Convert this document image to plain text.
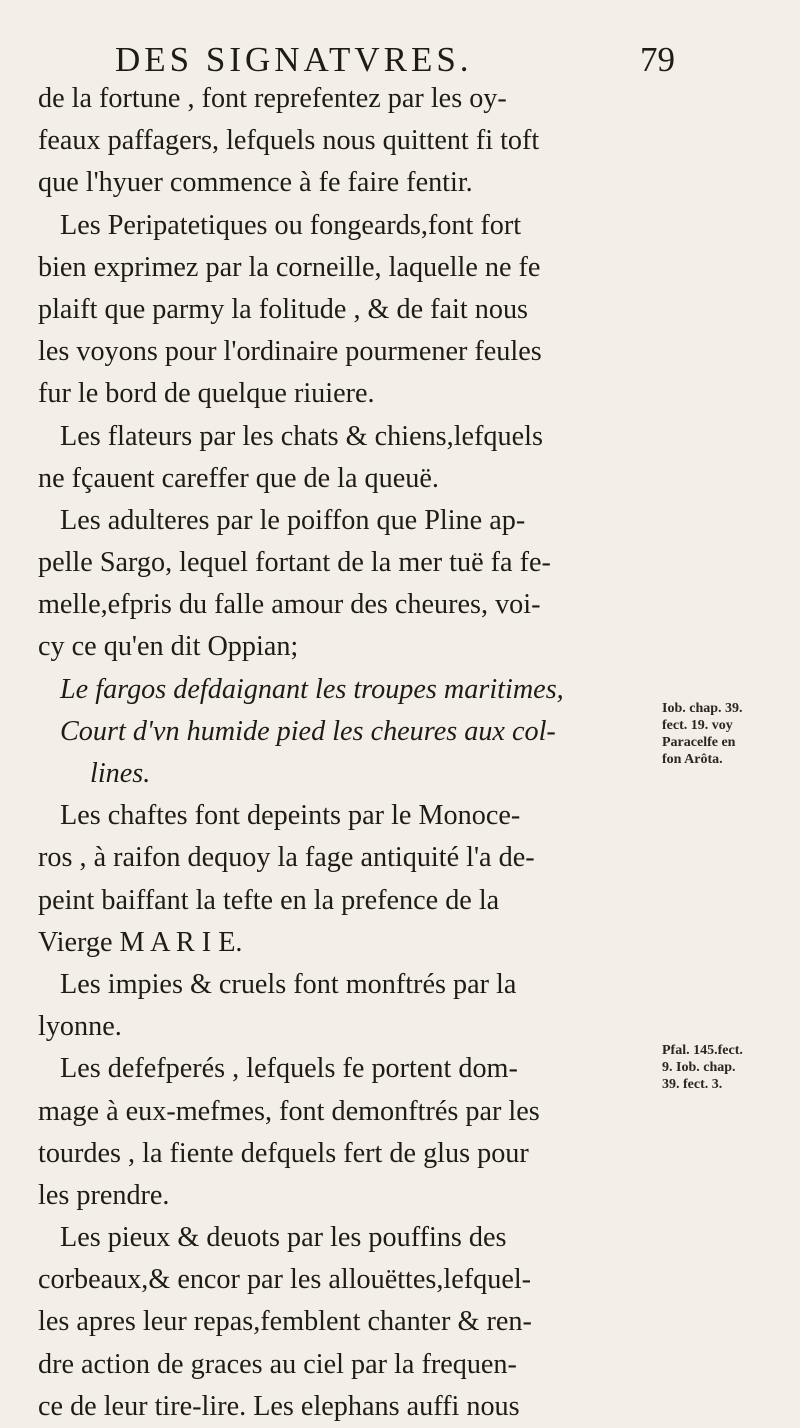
DES SIGNATVRES.	79
de la fortune , font reprefentez par les oy-
feaux paffagers, lefquels nous quittent fi toft
que l'hyuer commence à fe faire fentir.
Les Peripatetiques ou fongeards,font fort
bien exprimez par la corneille, laquelle ne fe
plaift que parmy la folitude , & de fait nous
les voyons pour l'ordinaire pourmener feules
fur le bord de quelque riuiere.
Les flateurs par les chats & chiens,lefquels
ne fçauent careffer que de la queuë.
Les adulteres par le poiffon que Pline ap-
pelle Sargo, lequel fortant de la mer tuë fa fe-
melle,efpris du falle amour des cheures, voi-
cy ce qu'en dit Oppian;
Le fargos defdaignant les troupes maritimes,
Court d'vn humide pied les cheures aux col-
lines.
Les chaftes font depeints par le Monoce-
ros , à raifon dequoy la fage antiquité l'a de-
peint baiffant la tefte en la prefence de la
Vierge M A R I E.
Les impies & cruels font monftrés par la
lyonne.
Les defefperés , lefquels fe portent dom-
mage à eux-mefmes, font demonftrés par les
tourdes , la fiente defquels fert de glus pour
les prendre.
Les pieux & deuots par les pouffins des
corbeaux,& encor par les allouëttes,lefquel-
les apres leur repas,femblent chanter & ren-
dre action de graces au ciel par la frequen-
ce de leur tire-lire. Les elephans auffi nous
Iob. chap. 39.
fect. 19. voy
Paracelfe en
fon Arôta.
Pfal. 145.fect.
9. Iob. chap.
39. fect. 3.
